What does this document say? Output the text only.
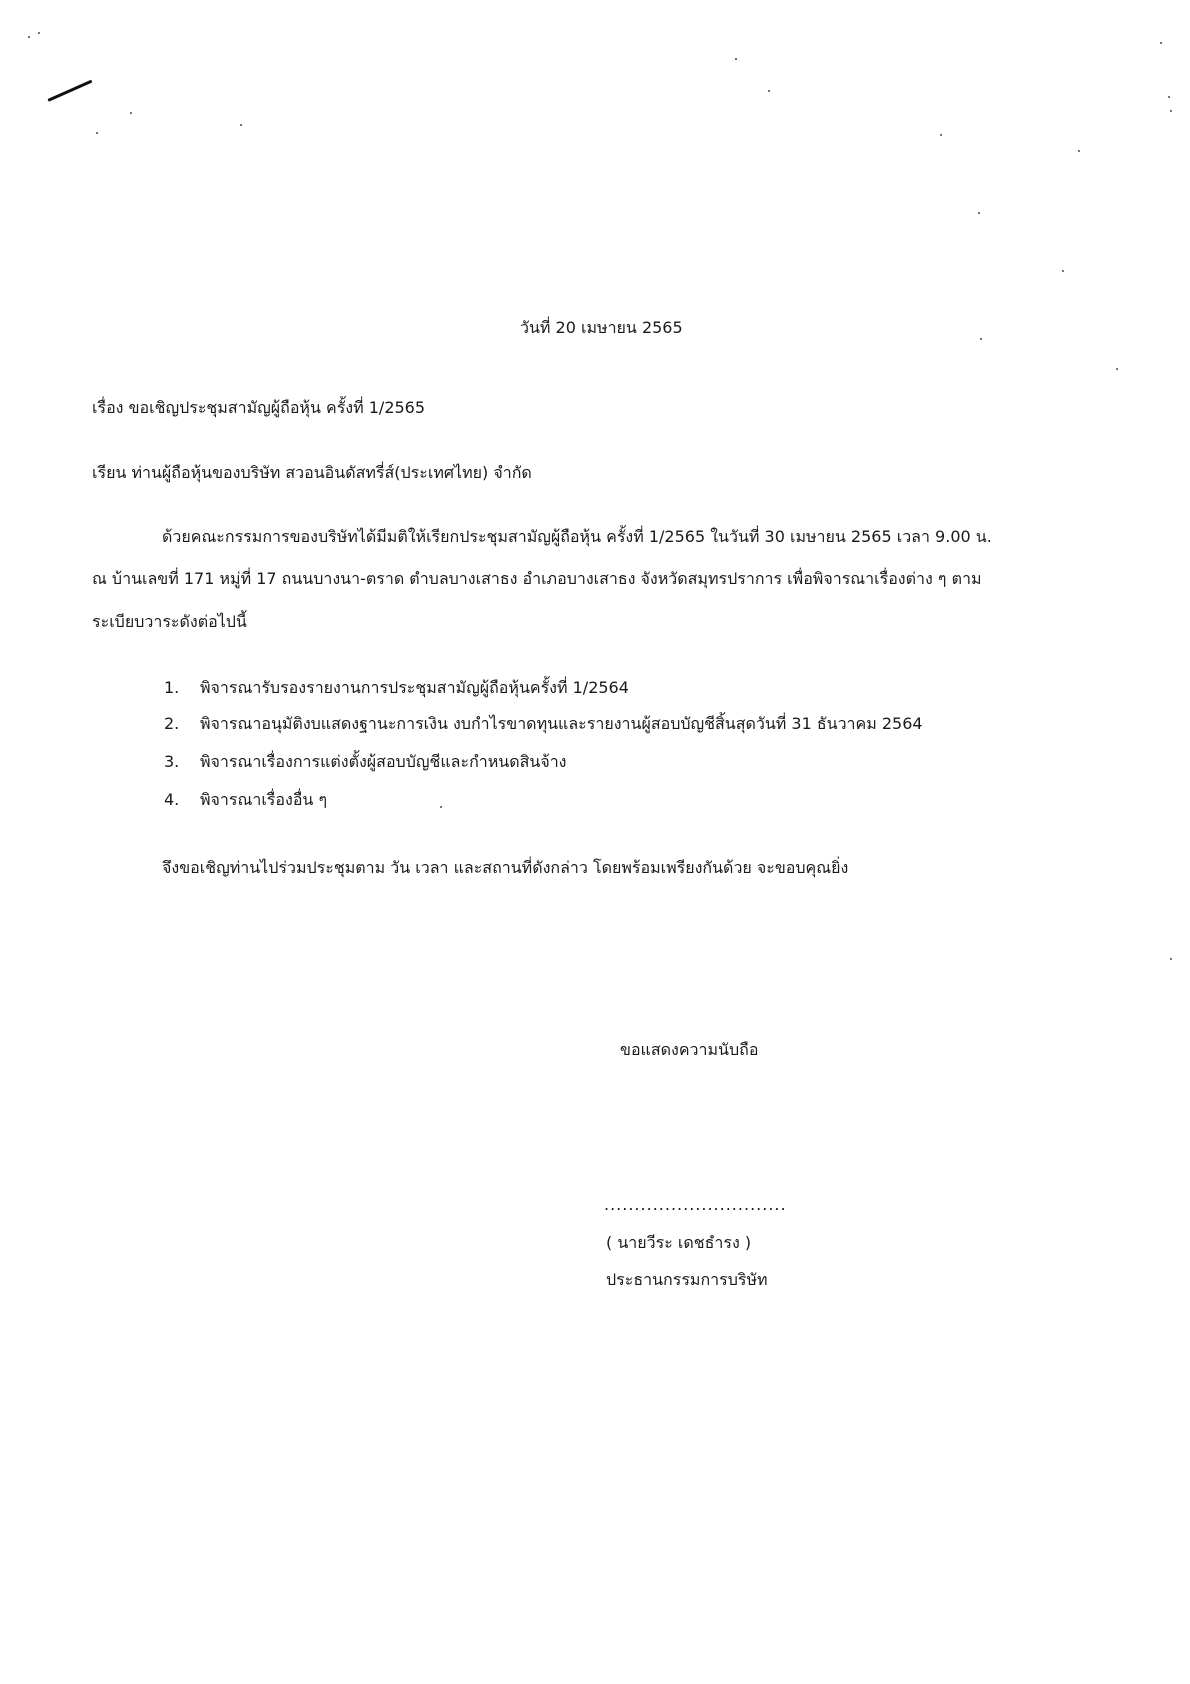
วันที่ 20 เมษายน 2565
เรื่อง ขอเชิญประชุมสามัญผู้ถือหุ้น ครั้งที่ 1/2565
เรียน ท่านผู้ถือหุ้นของบริษัท สวอนอินดัสทรี่ส์(ประเทศไทย) จำกัด
ด้วยคณะกรรมการของบริษัทได้มีมติให้เรียกประชุมสามัญผู้ถือหุ้น ครั้งที่ 1/2565 ในวันที่ 30 เมษายน 2565 เวลา 9.00 น.
ณ บ้านเลขที่ 171 หมู่ที่ 17 ถนนบางนา-ตราด ตำบลบางเสาธง อำเภอบางเสาธง จังหวัดสมุทรปราการ เพื่อพิจารณาเรื่องต่าง ๆ ตาม
ระเบียบวาระดังต่อไปนี้
1. พิจารณารับรองรายงานการประชุมสามัญผู้ถือหุ้นครั้งที่ 1/2564
2. พิจารณาอนุมัติงบแสดงฐานะการเงิน งบกำไรขาดทุนและรายงานผู้สอบบัญชีสิ้นสุดวันที่ 31 ธันวาคม 2564
3. พิจารณาเรื่องการแต่งตั้งผู้สอบบัญชีและกำหนดสินจ้าง
4. พิจารณาเรื่องอื่น ๆ
จึงขอเชิญท่านไปร่วมประชุมตาม วัน เวลา และสถานที่ดังกล่าว โดยพร้อมเพรียงกันด้วย จะขอบคุณยิ่ง
ขอแสดงความนับถือ
..............................
( นายวีระ เดชธำรง )
ประธานกรรมการบริษัท
